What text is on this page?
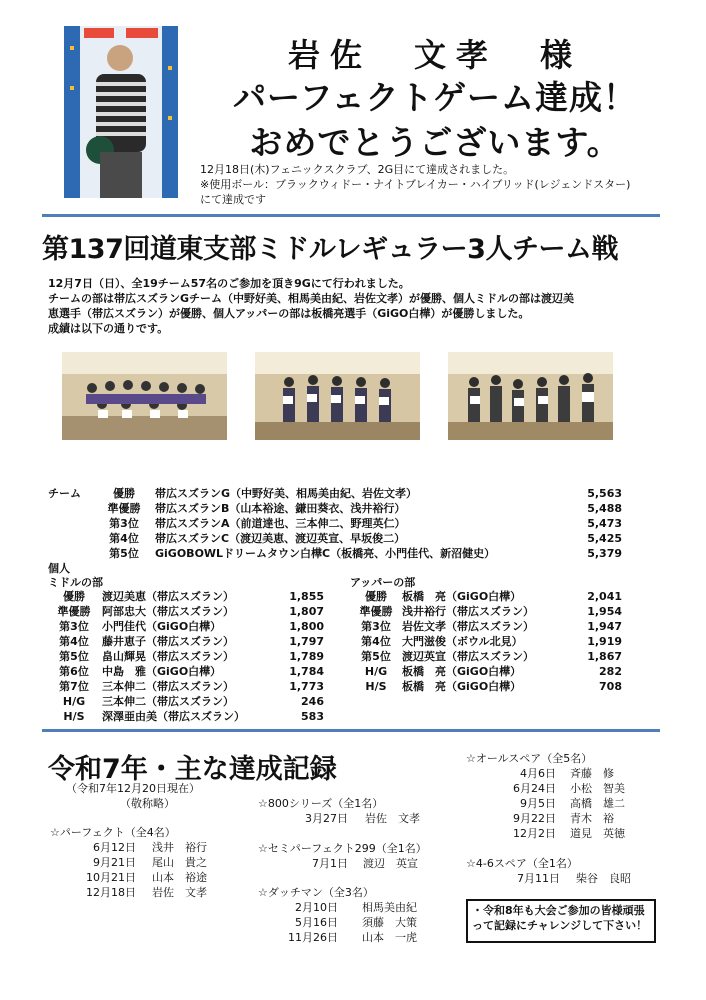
岩佐　文孝　様
パーフェクトゲーム達成！
おめでとうございます。
12月18日(木)フェニックスクラブ、2G目にて達成されました。
※使用ボール：ブラックウィドー・ナイトブレイカー・ハイブリッド(レジェンドスター)にて達成です
第137回道東支部ミドルレギュラー3人チーム戦
12月7日（日）、全19チーム57名のご参加を頂き9Gにて行われました。
チームの部は帯広スズランGチーム（中野好美、相馬美由紀、岩佐文孝）が優勝、個人ミドルの部は渡辺美
恵選手（帯広スズラン）が優勝、個人アッパーの部は板橋亮選手（GiGO白樺）が優勝しました。
成績は以下の通りです。
チーム	優勝	帯広スズランG（中野好美、相馬美由紀、岩佐文孝）	5,563
準優勝	帯広スズランB（山本裕途、鎌田葵衣、浅井裕行）	5,488
第3位	帯広スズランA（前道達也、三本伸二、野理英仁）	5,473
第4位	帯広スズランC（渡辺美恵、渡辺英宣、早坂俊二）	5,425
第5位	GiGOBOWLドリームタウン白樺C（板橋亮、小門佳代、新沼健史）	5,379
個人
ミドルの部	アッパーの部
優勝	渡辺美恵（帯広スズラン）	1,855
準優勝	阿部忠大（帯広スズラン）	1,807
第3位	小門佳代（GiGO白樺）	1,800
第4位	藤井恵子（帯広スズラン）	1,797
第5位	畠山輝晃（帯広スズラン）	1,789
第6位	中島　雅（GiGO白樺）	1,784
第7位	三本伸二（帯広スズラン）	1,773
H/G	三本伸二（帯広スズラン）	246
H/S	深澤亜由美（帯広スズラン）	583
優勝	板橋　亮（GiGO白樺）	2,041
準優勝 浅井裕行（帯広スズラン）	1,954
第3位	岩佐文孝（帯広スズラン）	1,947
第4位	大門滋俊（ボウル北見）	1,919
第5位	渡辺英宣（帯広スズラン）	1,867
H/G	板橋　亮（GiGO白樺）	282
H/S	板橋　亮（GiGO白樺）	708
令和7年・主な達成記録
（令和7年12月20日現在）
（敬称略）
☆パーフェクト（全4名）
6月12日 浅井　裕行
9月21日 尾山　貴之
10月21日 山本　裕途
12月18日 岩佐　文孝
☆800シリーズ（全1名）
3月27日 岩佐　文孝
☆セミパーフェクト299（全1名）
7月1日 渡辺　英宣
☆ダッチマン（全3名）
2月10日 相馬美由紀
5月16日 須藤　大策
11月26日 山本　一虎
☆オールスペア（全5名）
4月6日 斉藤　修
6月24日 小松　智美
9月5日 高橋　雄二
9月22日 青木　裕
12月2日 道見　英徳
☆4-6スペア（全1名）
7月11日 柴谷　良昭
・令和8年も大会ご参加の皆様頑張って記録にチャレンジして下さい！
